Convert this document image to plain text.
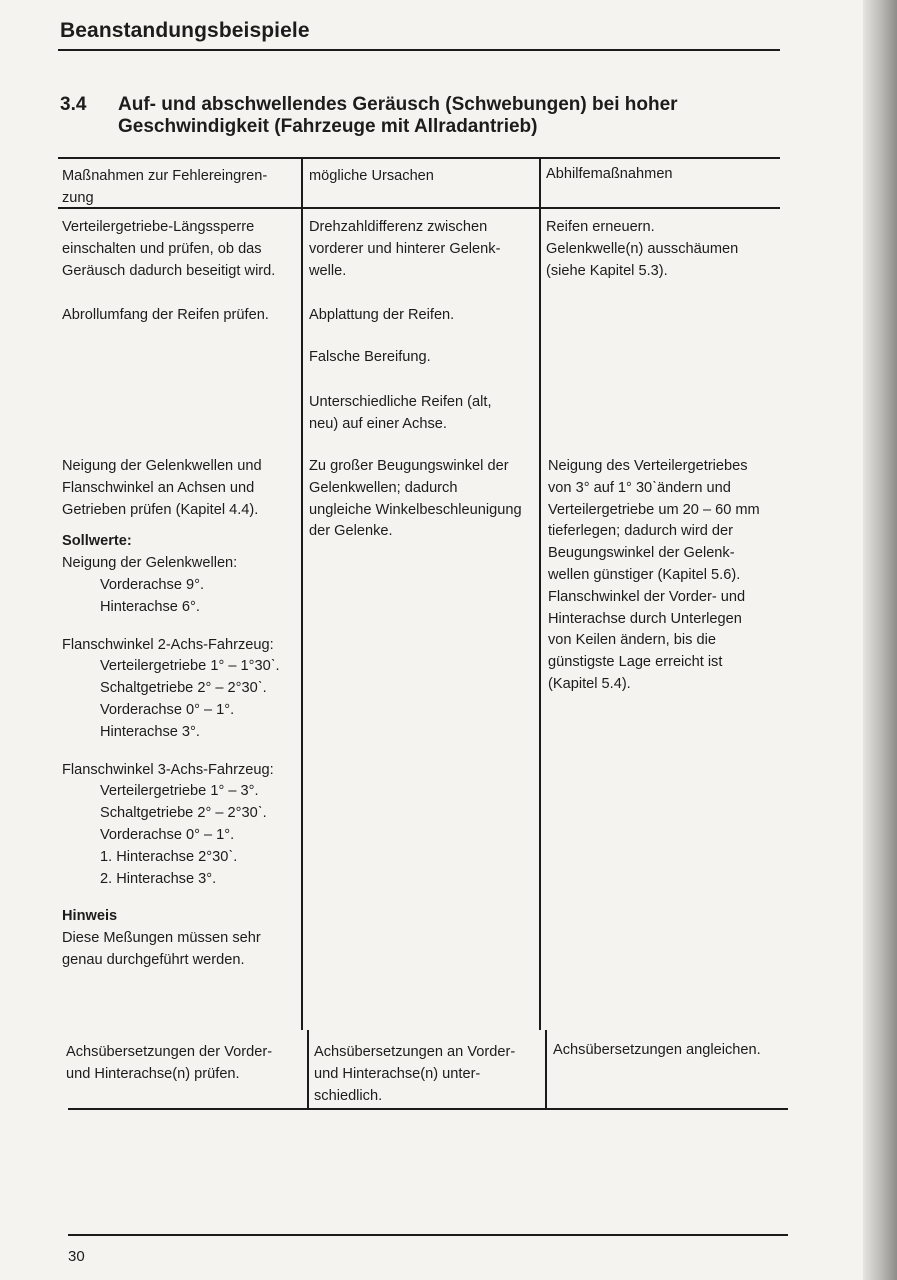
Beanstandungsbeispiele
3.4 Auf- und abschwellendes Geräusch (Schwebungen) bei hoher
Geschwindigkeit (Fahrzeuge mit Allradantrieb)

Maßnahmen zur Fehlereingren-

zung

mögliche Ursachen	Abhilfemaßnahmen

Verteilergetriebe-Längssperre

einschalten und prüfen, ob das

Geräusch dadurch beseitigt wird.

Drehzahldifferenz zwischen

vorderer und hinterer Gelenk-

welle.

Reifen erneuern.

Gelenkwelle(n) ausschäumen

(siehe Kapitel 5.3).

Abrollumfang der Reifen prüfen.	Abplattung der Reifen.
Falsche Bereifung.

Unterschiedliche Reifen (alt,

neu) auf einer Achse.

Neigung der Gelenkwellen und

Flanschwinkel an Achsen und

Getrieben prüfen (Kapitel 4.4).

Sollwerte:

Neigung der Gelenkwellen:

Vorderachse 9°.

Hinterachse 6°.

Flanschwinkel 2-Achs-Fahrzeug:

Verteilergetriebe 1° – 1°30ˋ.

Schaltgetriebe 2° – 2°30ˋ.

Vorderachse 0° – 1°.

Hinterachse 3°.

Flanschwinkel 3-Achs-Fahrzeug:

Verteilergetriebe 1° – 3°.

Schaltgetriebe 2° – 2°30ˋ.

Vorderachse 0° – 1°.

1. Hinterachse 2°30ˋ.

2. Hinterachse 3°.

Hinweis

Diese Meßungen müssen sehr

genau durchgeführt werden.

Zu großer Beugungswinkel der

Gelenkwellen; dadurch

ungleiche Winkelbeschleunigung

der Gelenke.

Neigung des Verteilergetriebes

von 3° auf 1° 30ˋändern und

Verteilergetriebe um 20 – 60 mm

tieferlegen; dadurch wird der

Beugungswinkel der Gelenk-

wellen günstiger (Kapitel 5.6).

Flanschwinkel der Vorder- und

Hinterachse durch Unterlegen

von Keilen ändern, bis die

günstigste Lage erreicht ist

(Kapitel 5.4).

Achsübersetzungen der Vorder-

und Hinterachse(n) prüfen.

Achsübersetzungen an Vorder-

und Hinterachse(n) unter-

schiedlich.

Achsübersetzungen angleichen.
30
